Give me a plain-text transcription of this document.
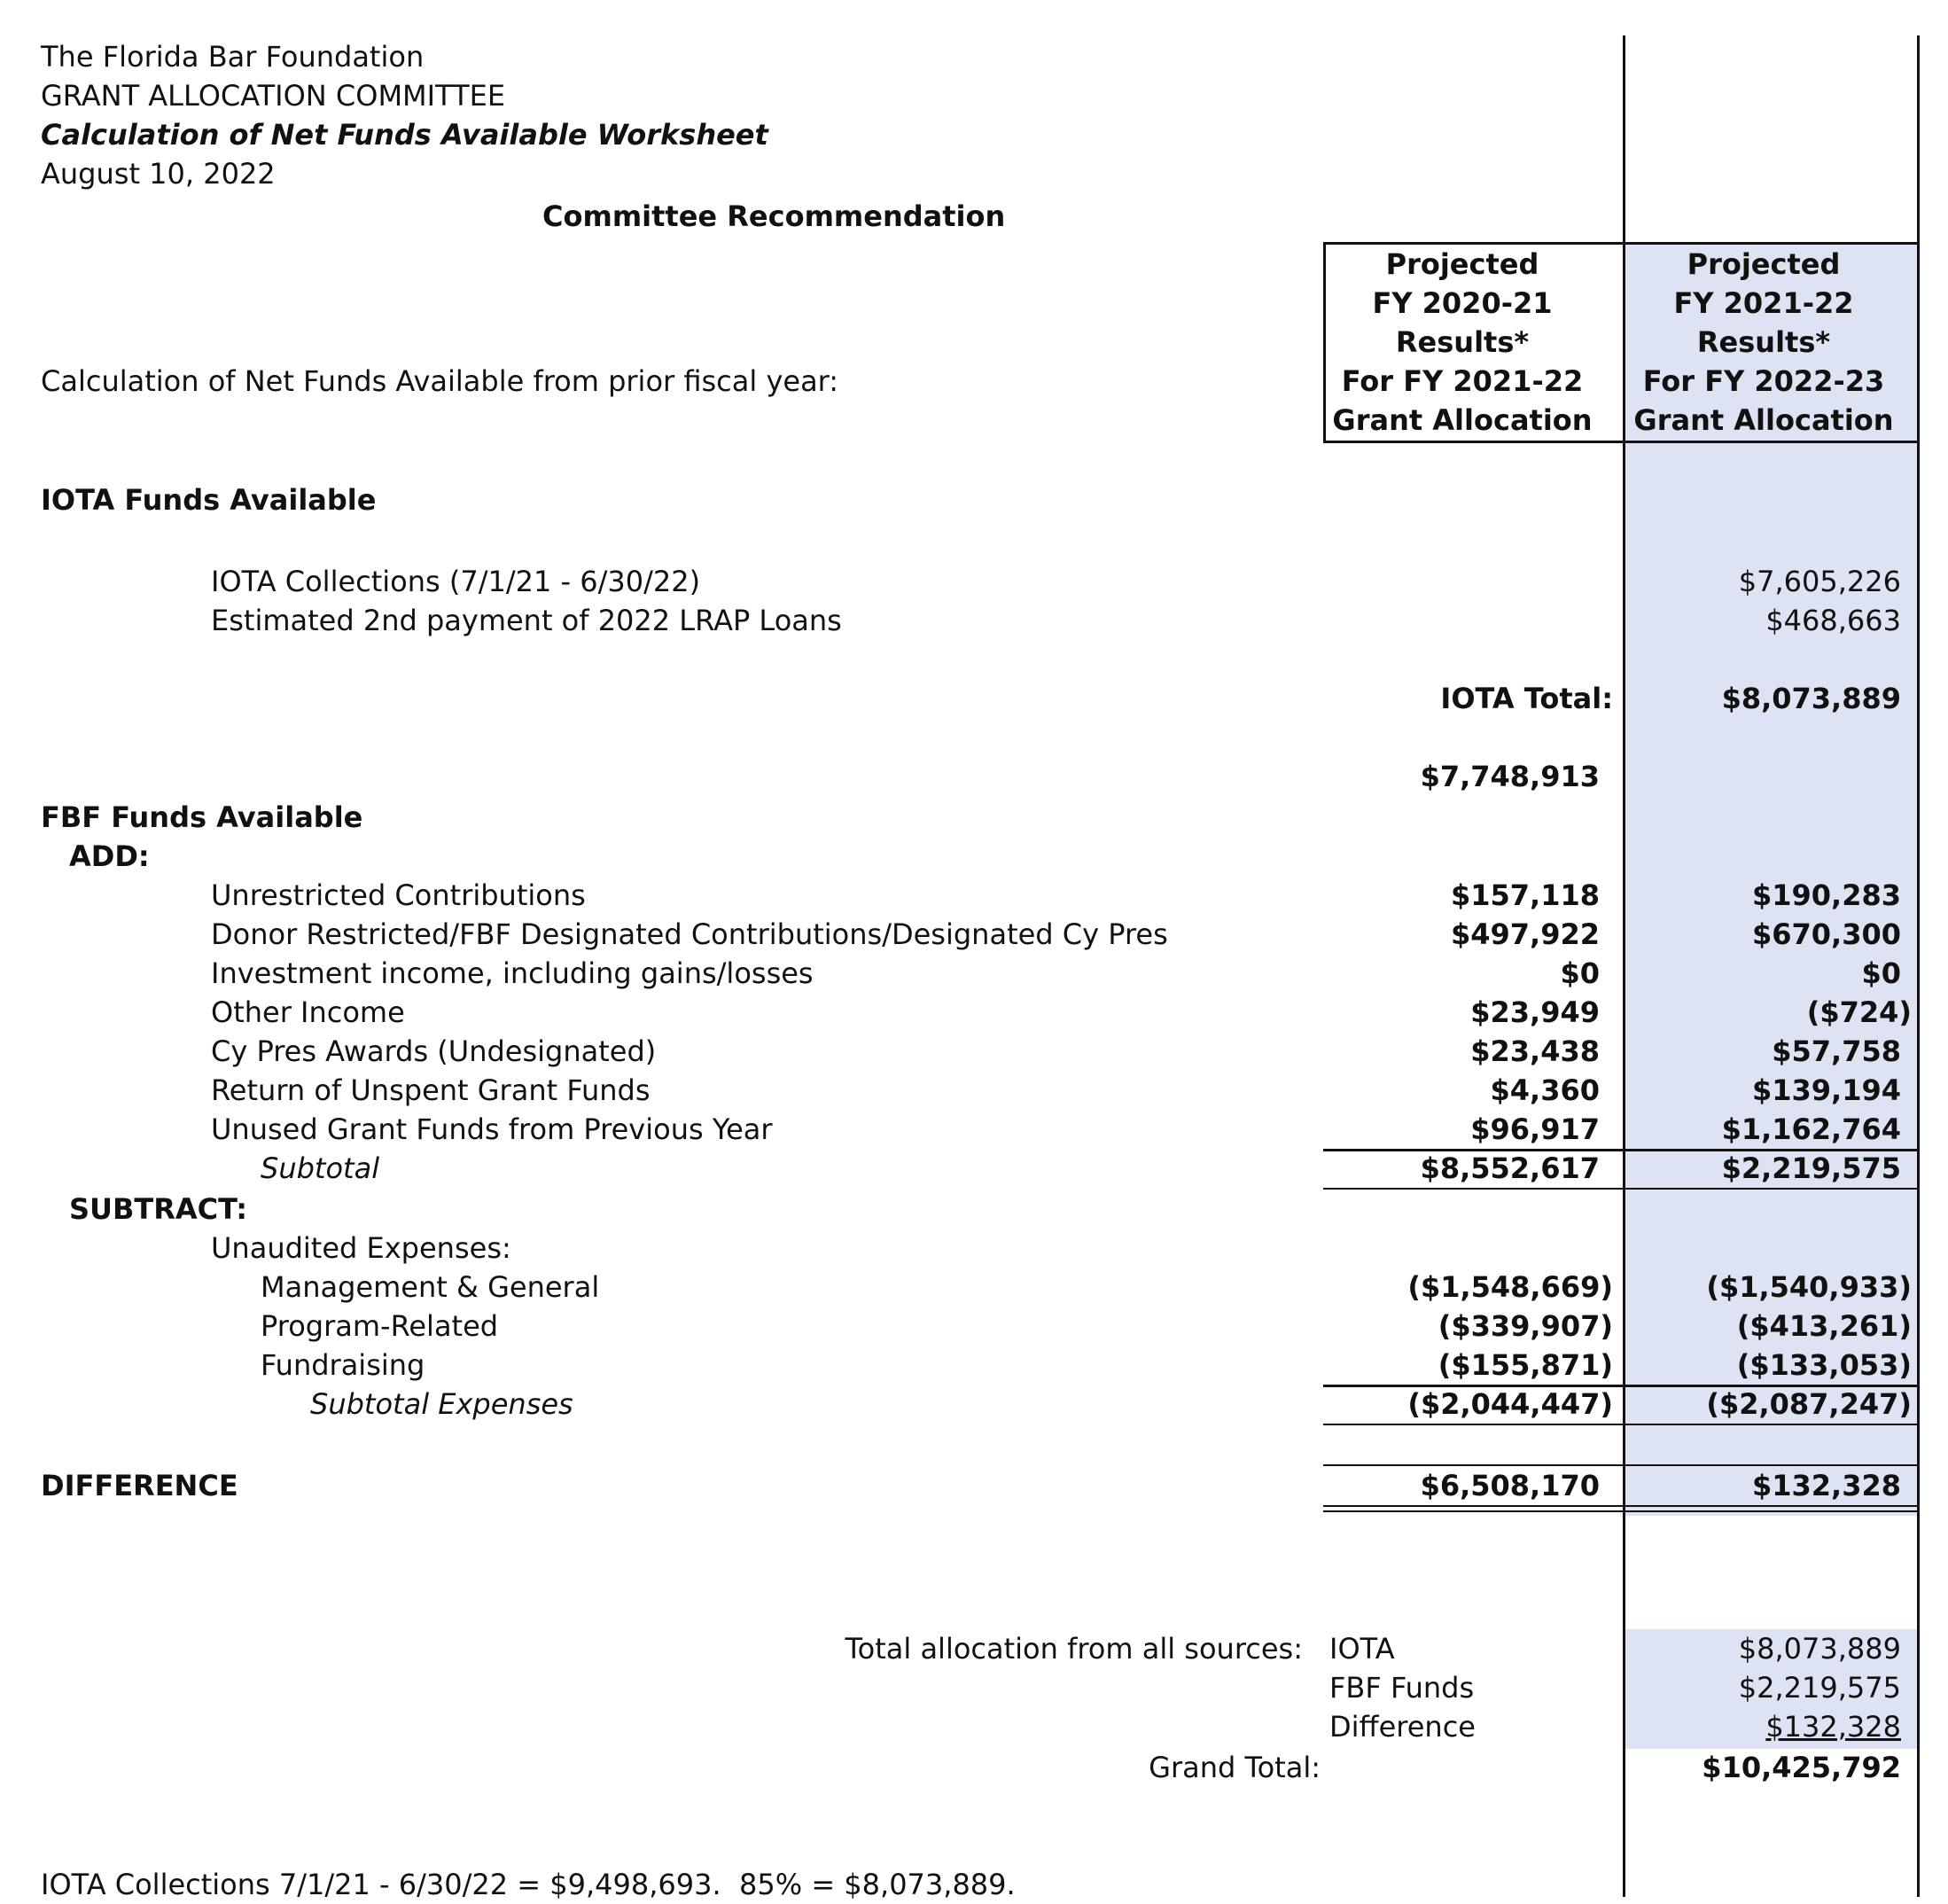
The Florida Bar Foundation
GRANT ALLOCATION COMMITTEE
Calculation of Net Funds Available Worksheet
August 10, 2022
Committee Recommendation
Projected
FY 2020-21
Results*
For FY 2021-22
Grant Allocation
Projected
FY 2021-22
Results*
For FY 2022-23
Grant Allocation
Calculation of Net Funds Available from prior fiscal year:
IOTA Funds Available
IOTA Collections (7/1/21 - 6/30/22)	$7,605,226
Estimated 2nd payment of 2022 LRAP Loans	$468,663
IOTA Total:	$8,073,889
$7,748,913
FBF Funds Available
ADD:
Unrestricted Contributions	$157,118	$190,283
Donor Restricted/FBF Designated Contributions/Designated Cy Pres	$497,922	$670,300
Investment income, including gains/losses	$0	$0
Other Income	$23,949	($724)
Cy Pres Awards (Undesignated)	$23,438	$57,758
Return of Unspent Grant Funds	$4,360	$139,194
Unused Grant Funds from Previous Year	$96,917	$1,162,764
Subtotal	$8,552,617	$2,219,575
SUBTRACT:
Unaudited Expenses:
Management & General	($1,548,669)	($1,540,933)
Program-Related	($339,907)	($413,261)
Fundraising	($155,871)	($133,053)
Subtotal Expenses	($2,044,447)	($2,087,247)
DIFFERENCE	$6,508,170	$132,328
Total allocation from all sources: IOTA	$8,073,889
FBF Funds	$2,219,575
Difference	$132,328
Grand Total:	$10,425,792
IOTA Collections 7/1/21 - 6/30/22 = $9,498,693.  85% = $8,073,889.
